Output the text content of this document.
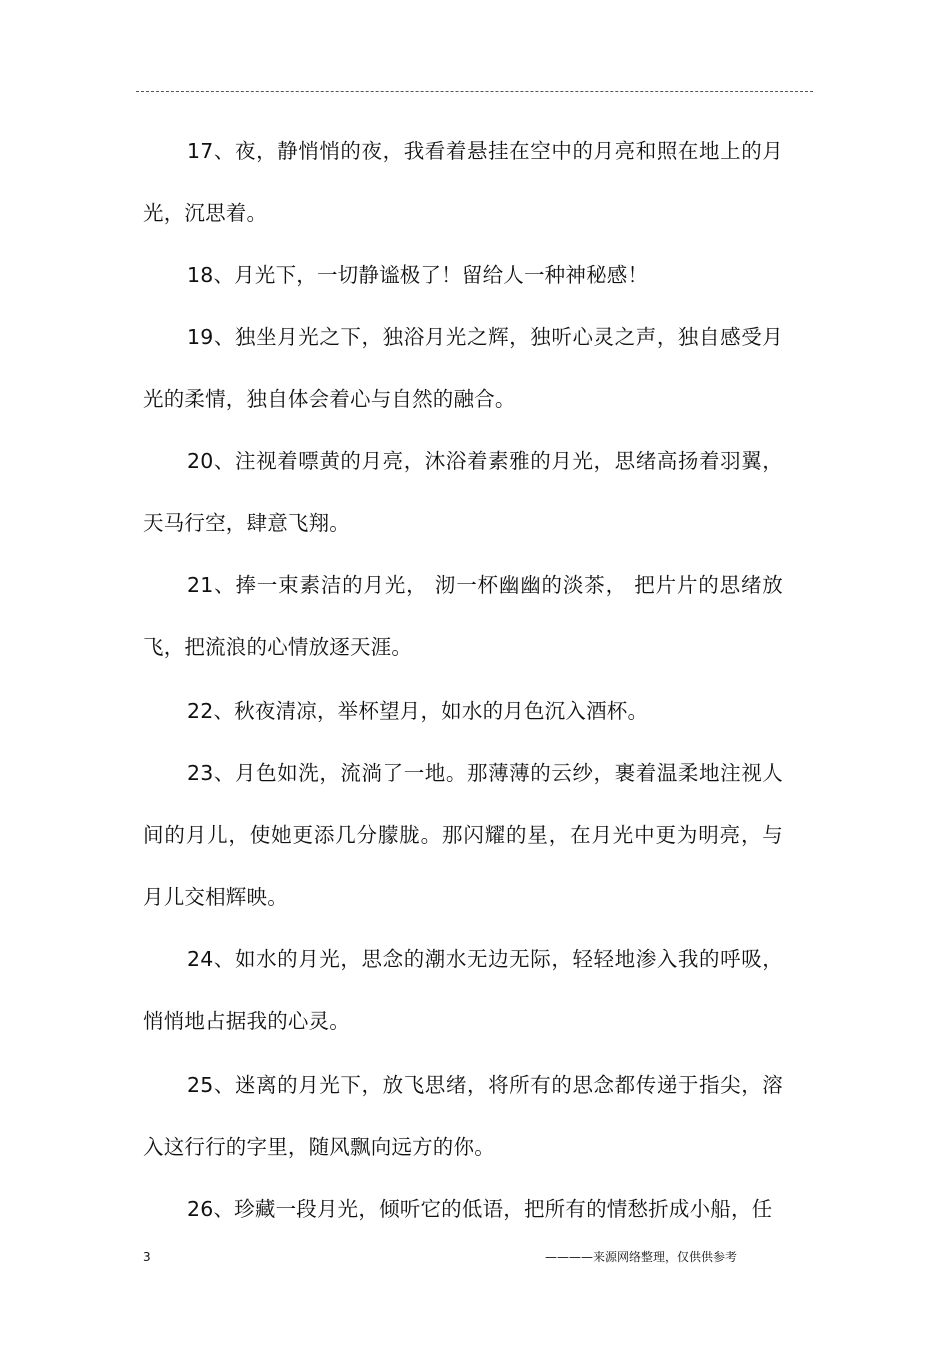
17、夜，静悄悄的夜，我看着悬挂在空中的月亮和照在地上的月光，沉思着。

18、月光下，一切静谧极了！留给人一种神秘感！

19、独坐月光之下，独浴月光之辉，独听心灵之声，独自感受月光的柔情，独自体会着心与自然的融合。

20、注视着嘌黄的月亮，沐浴着素雅的月光，思绪高扬着羽翼，天马行空，肆意飞翔。

21、捧一束素洁的月光， 沏一杯幽幽的淡茶， 把片片的思绪放飞，把流浪的心情放逐天涯。

22、秋夜清凉，举杯望月，如水的月色沉入酒杯。

23、月色如洗，流淌了一地。那薄薄的云纱，裹着温柔地注视人间的月儿，使她更添几分朦胧。那闪耀的星，在月光中更为明亮，与月儿交相辉映。

24、如水的月光，思念的潮水无边无际，轻轻地渗入我的呼吸，悄悄地占据我的心灵。

25、迷离的月光下，放飞思绪，将所有的思念都传递于指尖，溶入这行行的字里，随风飘向远方的你。

26、珍藏一段月光，倾听它的低语，把所有的情愁折成小船，任

3	————来源网络整理，仅供供参考
